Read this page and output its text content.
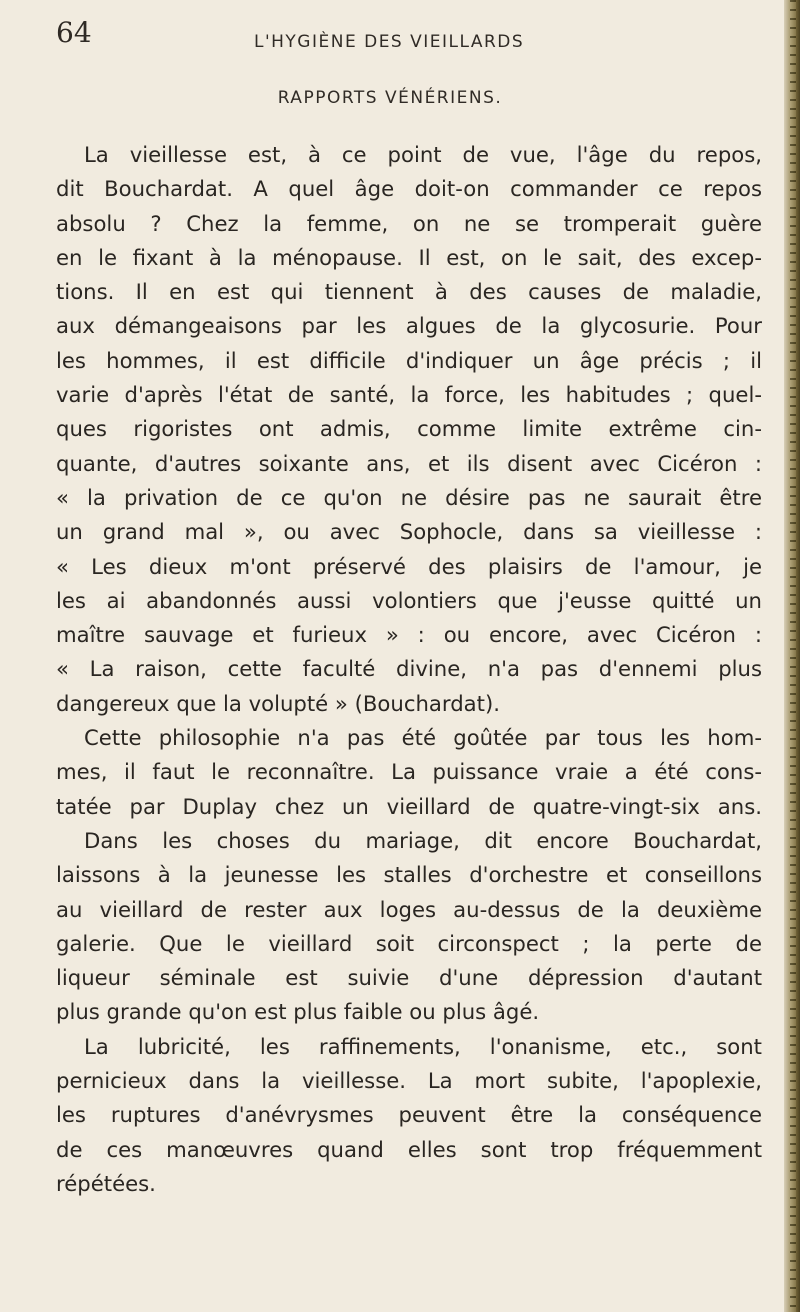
64	L'HYGIÈNE DES VIEILLARDS
RAPPORTS VÉNÉRIENS.
La vieillesse est, à ce point de vue, l'âge du repos,
dit Bouchardat. A quel âge doit-on commander ce repos
absolu ? Chez la femme, on ne se tromperait guère
en le fixant à la ménopause. Il est, on le sait, des excep-
tions. Il en est qui tiennent à des causes de maladie,
aux démangeaisons par les algues de la glycosurie. Pour
les hommes, il est difficile d'indiquer un âge précis ; il
varie d'après l'état de santé, la force, les habitudes ; quel-
ques rigoristes ont admis, comme limite extrême cin-
quante, d'autres soixante ans, et ils disent avec Cicéron :
« la privation de ce qu'on ne désire pas ne saurait être
un grand mal », ou avec Sophocle, dans sa vieillesse :
« Les dieux m'ont préservé des plaisirs de l'amour, je
les ai abandonnés aussi volontiers que j'eusse quitté un
maître sauvage et furieux » : ou encore, avec Cicéron :
« La raison, cette faculté divine, n'a pas d'ennemi plus
dangereux que la volupté » (Bouchardat).
Cette philosophie n'a pas été goûtée par tous les hom-
mes, il faut le reconnaître. La puissance vraie a été cons-
tatée par Duplay chez un vieillard de quatre-vingt-six ans.
Dans les choses du mariage, dit encore Bouchardat,
laissons à la jeunesse les stalles d'orchestre et conseillons
au vieillard de rester aux loges au-dessus de la deuxième
galerie. Que le vieillard soit circonspect ; la perte de
liqueur séminale est suivie d'une dépression d'autant
plus grande qu'on est plus faible ou plus âgé.
La lubricité, les raffinements, l'onanisme, etc., sont
pernicieux dans la vieillesse. La mort subite, l'apoplexie,
les ruptures d'anévrysmes peuvent être la conséquence
de ces manœuvres quand elles sont trop fréquemment
répétées.
